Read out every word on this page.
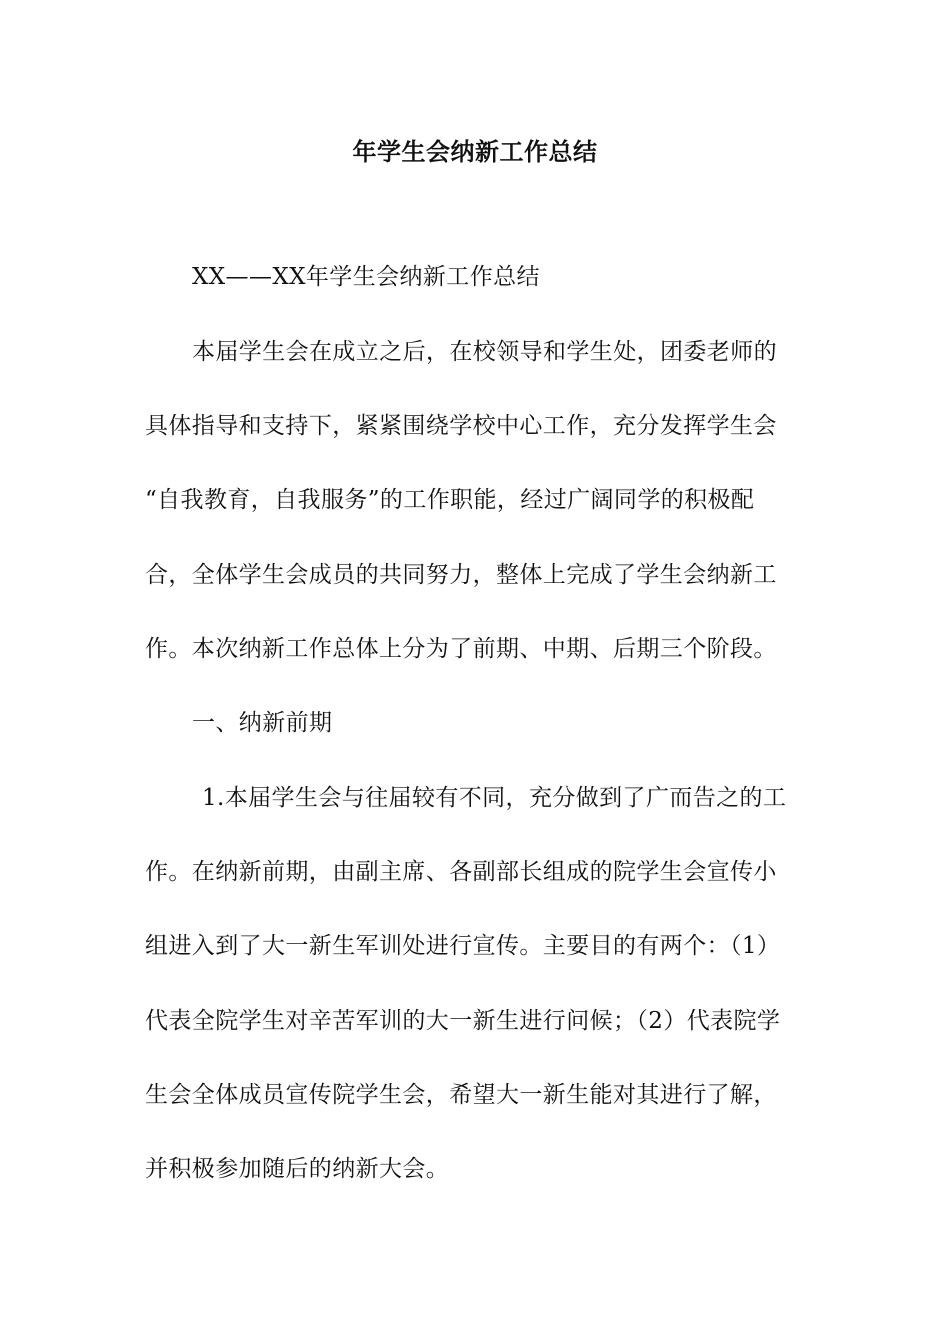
年学生会纳新工作总结
XX——XX年学生会纳新工作总结
本届学生会在成立之后，在校领导和学生处，团委老师的
具体指导和支持下，紧紧围绕学校中心工作，充分发挥学生会
“自我教育，自我服务”的工作职能，经过广阔同学的积极配
合，全体学生会成员的共同努力，整体上完成了学生会纳新工
作。本次纳新工作总体上分为了前期、中期、后期三个阶段。
一、纳新前期
1.本届学生会与往届较有不同，充分做到了广而告之的工
作。在纳新前期，由副主席、各副部长组成的院学生会宣传小
组进入到了大一新生军训处进行宣传。主要目的有两个：（1）
代表全院学生对辛苦军训的大一新生进行问候；（2）代表院学
生会全体成员宣传院学生会，希望大一新生能对其进行了解，
并积极参加随后的纳新大会。
